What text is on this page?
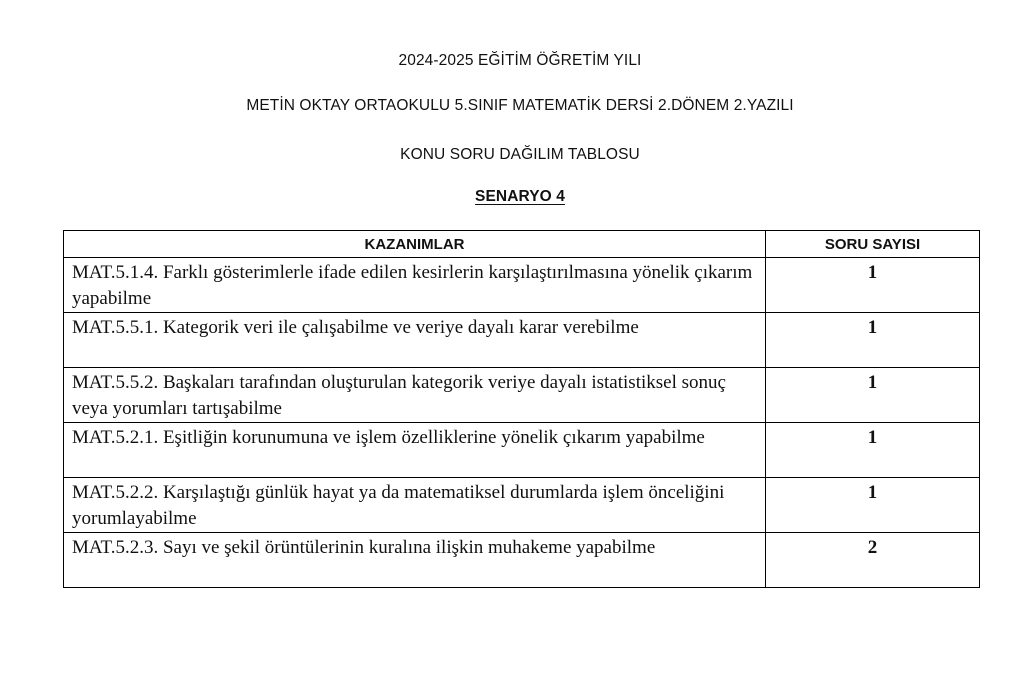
2024-2025 EĞİTİM ÖĞRETİM YILI
METİN OKTAY ORTAOKULU 5.SINIF MATEMATİK DERSİ 2.DÖNEM 2.YAZILI
KONU SORU DAĞILIM TABLOSU
SENARYO 4
KAZANIMLAR	SORU SAYISI
MAT.5.1.4. Farklı gösterimlerle ifade edilen kesirlerin karşılaştırılmasına yönelik çıkarım yapabilme	1
MAT.5.5.1. Kategorik veri ile çalışabilme ve veriye dayalı karar verebilme	1
MAT.5.5.2. Başkaları tarafından oluşturulan kategorik veriye dayalı istatistiksel sonuç veya yorumları tartışabilme	1
MAT.5.2.1. Eşitliğin korunumuna ve işlem özelliklerine yönelik çıkarım yapabilme	1
MAT.5.2.2. Karşılaştığı günlük hayat ya da matematiksel durumlarda işlem önceliğini yorumlayabilme	1
MAT.5.2.3. Sayı ve şekil örüntülerinin kuralına ilişkin muhakeme yapabilme	2
